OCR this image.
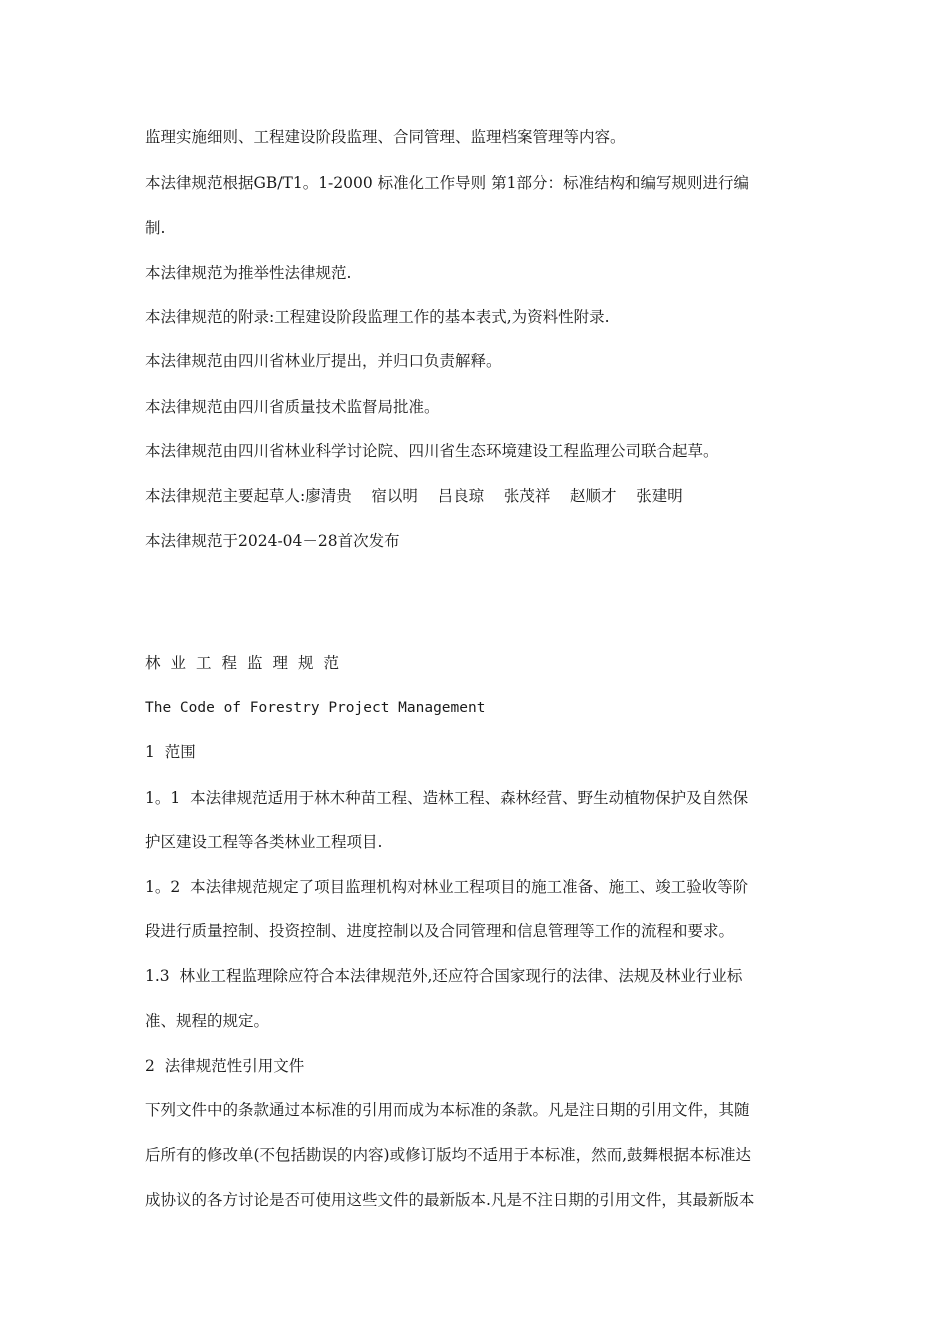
监理实施细则、工程建设阶段监理、合同管理、监理档案管理等内容。
本法律规范根据GB/T1。1-2000 标准化工作导则 第1部分：标准结构和编写规则进行编
制.
本法律规范为推举性法律规范.
本法律规范的附录:工程建设阶段监理工作的基本表式,为资料性附录.
本法律规范由四川省林业厅提出，并归口负责解释。
本法律规范由四川省质量技术监督局批准。
本法律规范由四川省林业科学讨论院、四川省生态环境建设工程监理公司联合起草。
本法律规范主要起草人:廖清贵    宿以明    吕良琼    张茂祥    赵顺才    张建明
本法律规范于2024-04－28首次发布
林业工程监理规范
The Code of Forestry Project Management
1  范围
1。1  本法律规范适用于林木种苗工程、造林工程、森林经营、野生动植物保护及自然保
护区建设工程等各类林业工程项目.
1。2  本法律规范规定了项目监理机构对林业工程项目的施工准备、施工、竣工验收等阶
段进行质量控制、投资控制、进度控制以及合同管理和信息管理等工作的流程和要求。
1.3  林业工程监理除应符合本法律规范外,还应符合国家现行的法律、法规及林业行业标
准、规程的规定。
2  法律规范性引用文件
下列文件中的条款通过本标准的引用而成为本标准的条款。凡是注日期的引用文件，其随
后所有的修改单(不包括勘误的内容)或修订版均不适用于本标准，然而,鼓舞根据本标准达
成协议的各方讨论是否可使用这些文件的最新版本.凡是不注日期的引用文件，其最新版本
